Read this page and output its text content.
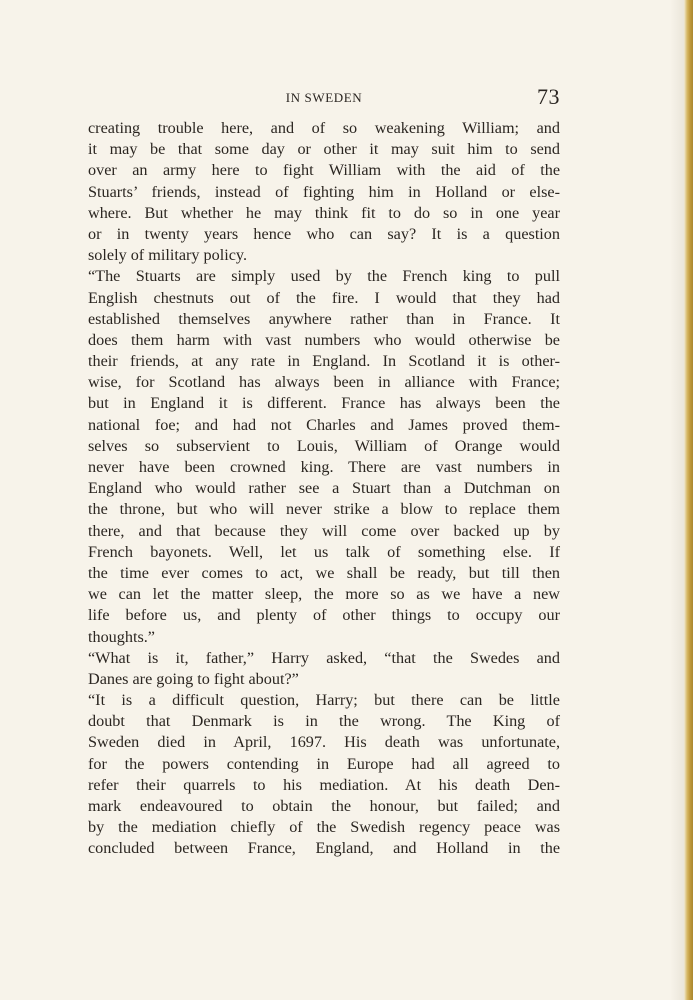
IN SWEDEN	73
creating trouble here, and of so weakening William; and
it may be that some day or other it may suit him to send
over an army here to fight William with the aid of the
Stuarts’ friends, instead of fighting him in Holland or else-
where. But whether he may think fit to do so in one year
or in twenty years hence who can say? It is a question
solely of military policy.
“The Stuarts are simply used by the French king to pull
English chestnuts out of the fire. I would that they had
established themselves anywhere rather than in France. It
does them harm with vast numbers who would otherwise be
their friends, at any rate in England. In Scotland it is other-
wise, for Scotland has always been in alliance with France;
but in England it is different. France has always been the
national foe; and had not Charles and James proved them-
selves so subservient to Louis, William of Orange would
never have been crowned king. There are vast numbers in
England who would rather see a Stuart than a Dutchman on
the throne, but who will never strike a blow to replace them
there, and that because they will come over backed up by
French bayonets. Well, let us talk of something else. If
the time ever comes to act, we shall be ready, but till then
we can let the matter sleep, the more so as we have a new
life before us, and plenty of other things to occupy our
thoughts.”
“What is it, father,” Harry asked, “that the Swedes and
Danes are going to fight about?”
“It is a difficult question, Harry; but there can be little
doubt that Denmark is in the wrong. The King of
Sweden died in April, 1697. His death was unfortunate,
for the powers contending in Europe had all agreed to
refer their quarrels to his mediation. At his death Den-
mark endeavoured to obtain the honour, but failed; and
by the mediation chiefly of the Swedish regency peace was
concluded between France, England, and Holland in the
